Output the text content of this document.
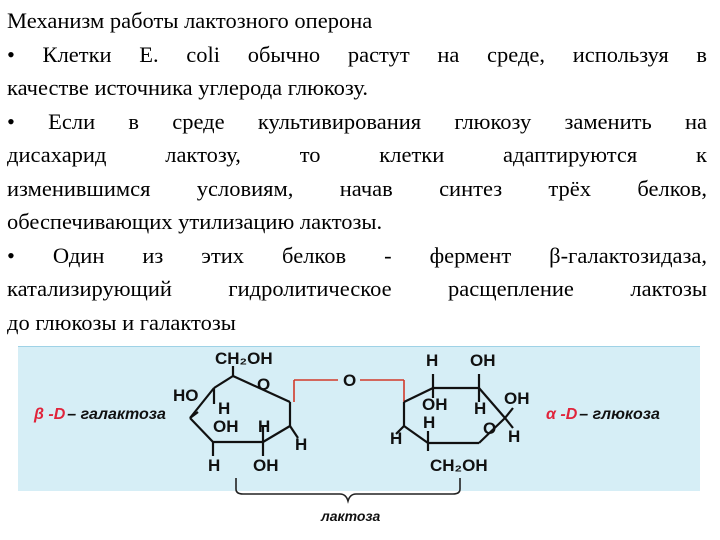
Механизм работы лактозного оперона
• Клетки E. coli обычно растут на среде, используя в
качестве источника углерода глюкозу.
• Если в среде культивирования глюкозу заменить на
дисахарид лактозу, то клетки адаптируются к
изменившимся условиям, начав синтез трёх белков,
обеспечивающих утилизацию лактозы.
• Один из этих белков - фермент β-галактозидаза,
катализирующий гидролитическое расщепление лактозы
до глюкозы и галактозы
β -D – галактоза
CH₂OH
O
HO
H
OH H
H
H OH
O
H OH
OH H
OH
H
H
H
O
CH₂OH
α -D – глюкоза
лактоза
